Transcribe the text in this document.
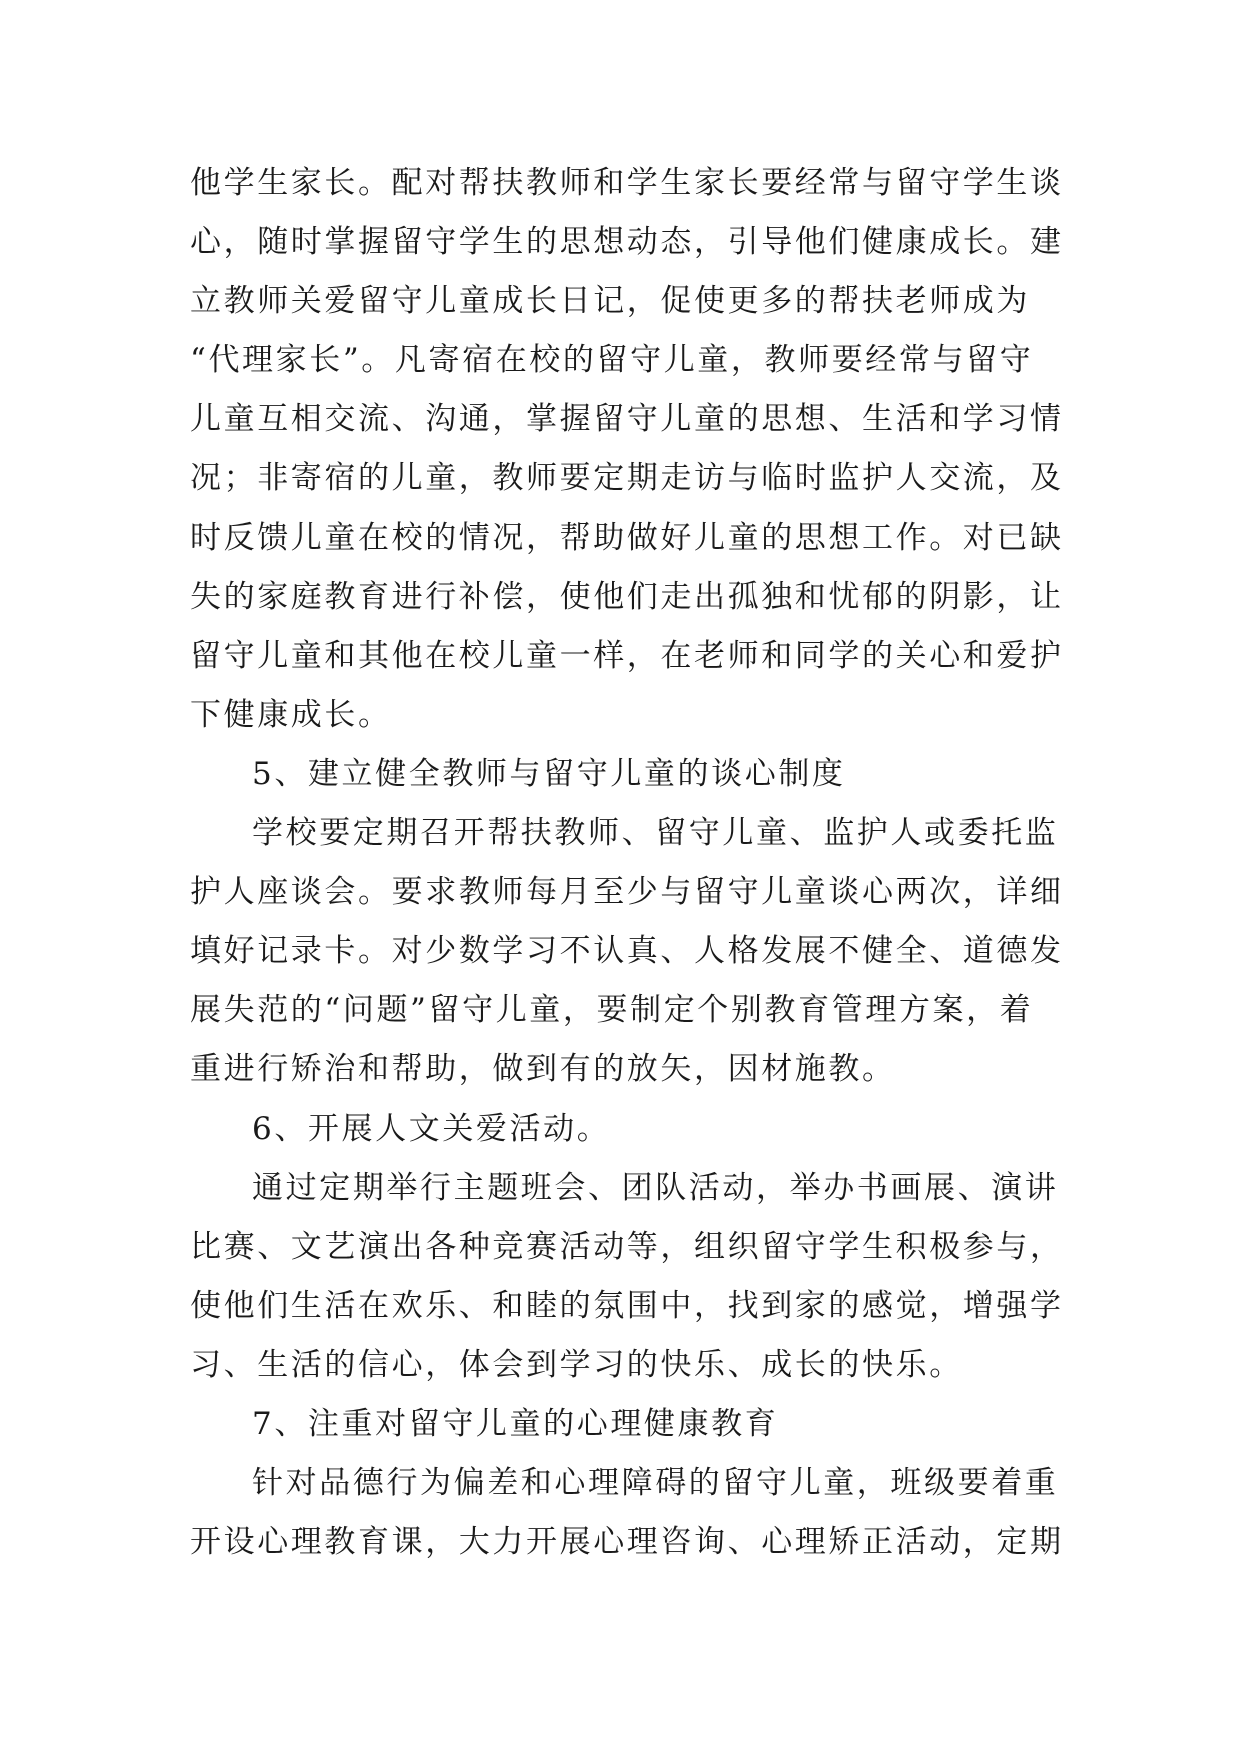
他学生家长。配对帮扶教师和学生家长要经常与留守学生谈
心，随时掌握留守学生的思想动态，引导他们健康成长。建
立教师关爱留守儿童成长日记，促使更多的帮扶老师成为
“代理家长”。凡寄宿在校的留守儿童，教师要经常与留守
儿童互相交流、沟通，掌握留守儿童的思想、生活和学习情
况；非寄宿的儿童，教师要定期走访与临时监护人交流，及
时反馈儿童在校的情况，帮助做好儿童的思想工作。对已缺
失的家庭教育进行补偿，使他们走出孤独和忧郁的阴影，让
留守儿童和其他在校儿童一样，在老师和同学的关心和爱护
下健康成长。
5、建立健全教师与留守儿童的谈心制度
学校要定期召开帮扶教师、留守儿童、监护人或委托监
护人座谈会。要求教师每月至少与留守儿童谈心两次，详细
填好记录卡。对少数学习不认真、人格发展不健全、道德发
展失范的“问题”留守儿童，要制定个别教育管理方案，着
重进行矫治和帮助，做到有的放矢，因材施教。
6、开展人文关爱活动。
通过定期举行主题班会、团队活动，举办书画展、演讲
比赛、文艺演出各种竞赛活动等，组织留守学生积极参与，
使他们生活在欢乐、和睦的氛围中，找到家的感觉，增强学
习、生活的信心，体会到学习的快乐、成长的快乐。
7、注重对留守儿童的心理健康教育
针对品德行为偏差和心理障碍的留守儿童，班级要着重
开设心理教育课，大力开展心理咨询、心理矫正活动，定期
